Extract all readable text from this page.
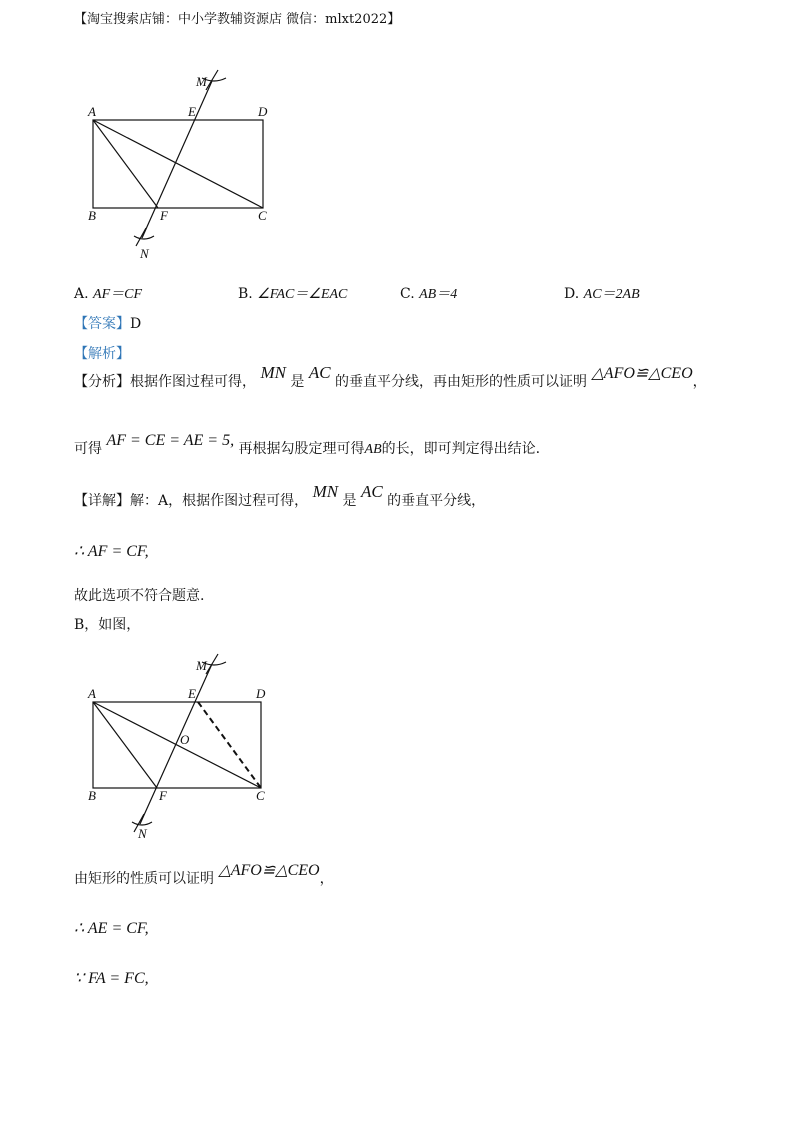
【淘宝搜索店铺：中小学教辅资源店 微信：mlxt2022】
M
E	D
A
B	F	C
N
A. AF＝CF	B. ∠FAC＝∠EAC	C. AB＝4	D. AC＝2AB
【答案】D
【解析】
【分析】根据作图过程可得， MN 是 AC 的垂直平分线，再由矩形的性质可以证明 △AFO≌△CEO，
可得 AF = CE = AE = 5, 再根据勾股定理可得AB的长，即可判定得出结论.
【详解】解：A，根据作图过程可得， MN 是 AC 的垂直平分线，
∴ AF = CF,
故此选项不符合题意.
B，如图，
M
E	D
A
O
B	F	C
N
由矩形的性质可以证明 △AFO≌△CEO，
∴ AE = CF,
∵ FA = FC,
